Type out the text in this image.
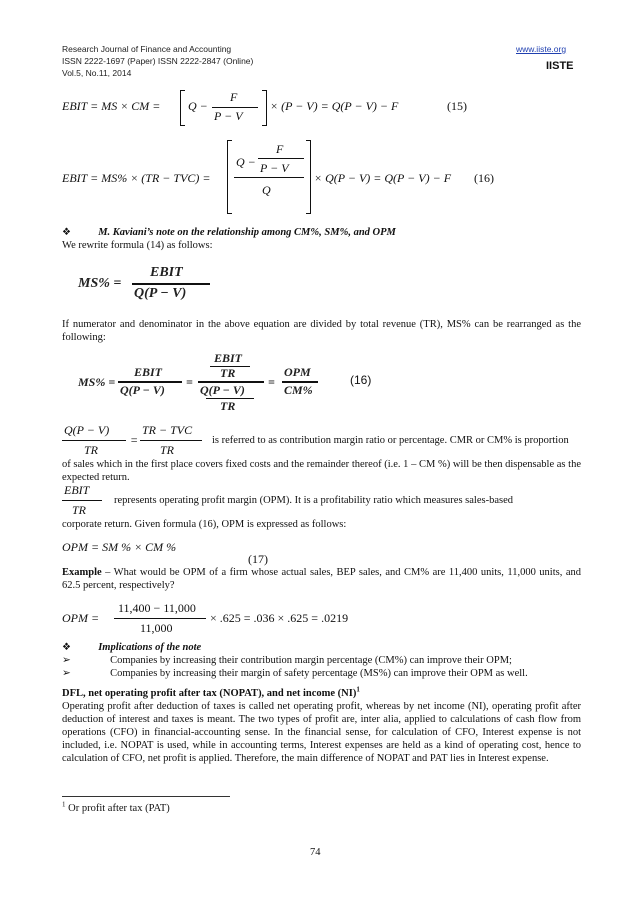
Research Journal of Finance and Accounting
ISSN 2222-1697 (Paper) ISSN 2222-2847 (Online)
Vol.5, No.11, 2014
www.iiste.org
IISTE
EBIT = MS × CM = Q −
F
P − V
× (P − V) = Q(P − V) − F	(15)
EBIT = MS% × (TR − TVC) =
Q −
F
P − V
Q
× Q(P − V) = Q(P − V) − F (16)
❖	M. Kaviani’s note on the relationship among CM%, SM%, and OPM
We rewrite formula (14) as follows:
MS% =
EBIT
Q(P − V)
If numerator and denominator in the above equation are divided by total revenue (TR), MS% can be rearranged as the following:
MS% =
EBIT
Q(P − V)
=
EBIT
TR
Q(P − V)
TR
=
OPM
CM%
(16)
Q(P − V)
TR
=
TR − TVC
TR
is referred to as contribution margin ratio or percentage. CMR or CM% is proportion
of sales which in the first place covers fixed costs and the remainder thereof (i.e. 1 – CM %) will be then dispensable as the expected return.
EBIT
TR
represents operating profit margin (OPM). It is a profitability ratio which measures sales-based
corporate return. Given formula (16), OPM is expressed as follows:
OPM = SM % × CM %
(17)
Example – What would be OPM of a firm whose actual sales, BEP sales, and CM% are 11,400 units, 11,000 units, and 62.5 percent, respectively?
OPM =
11,400 − 11,000
11,000
× .625 = .036 × .625 = .0219
❖	Implications of the note
➢	Companies by increasing their contribution margin percentage (CM%) can improve their OPM;
➢	Companies by increasing their margin of safety percentage (MS%) can improve their OPM as well.
DFL, net operating profit after tax (NOPAT), and net income (NI)$^1$
Operating profit after deduction of taxes is called net operating profit, whereas by net income (NI), operating profit after deduction of interest and taxes is meant. The two types of profit are, inter alia, applied to calculations of cash flow from operations (CFO) in financial-accounting sense. In the financial sense, for calculation of CFO, Interest expense is not included, i.e. NOPAT is used, while in accounting terms, Interest expenses are held as a kind of operating cost, hence to calculation of CFO, net profit is applied. Therefore, the main difference of NOPAT and PAT lies in Interest expense.
$^1$ Or profit after tax (PAT)
74
